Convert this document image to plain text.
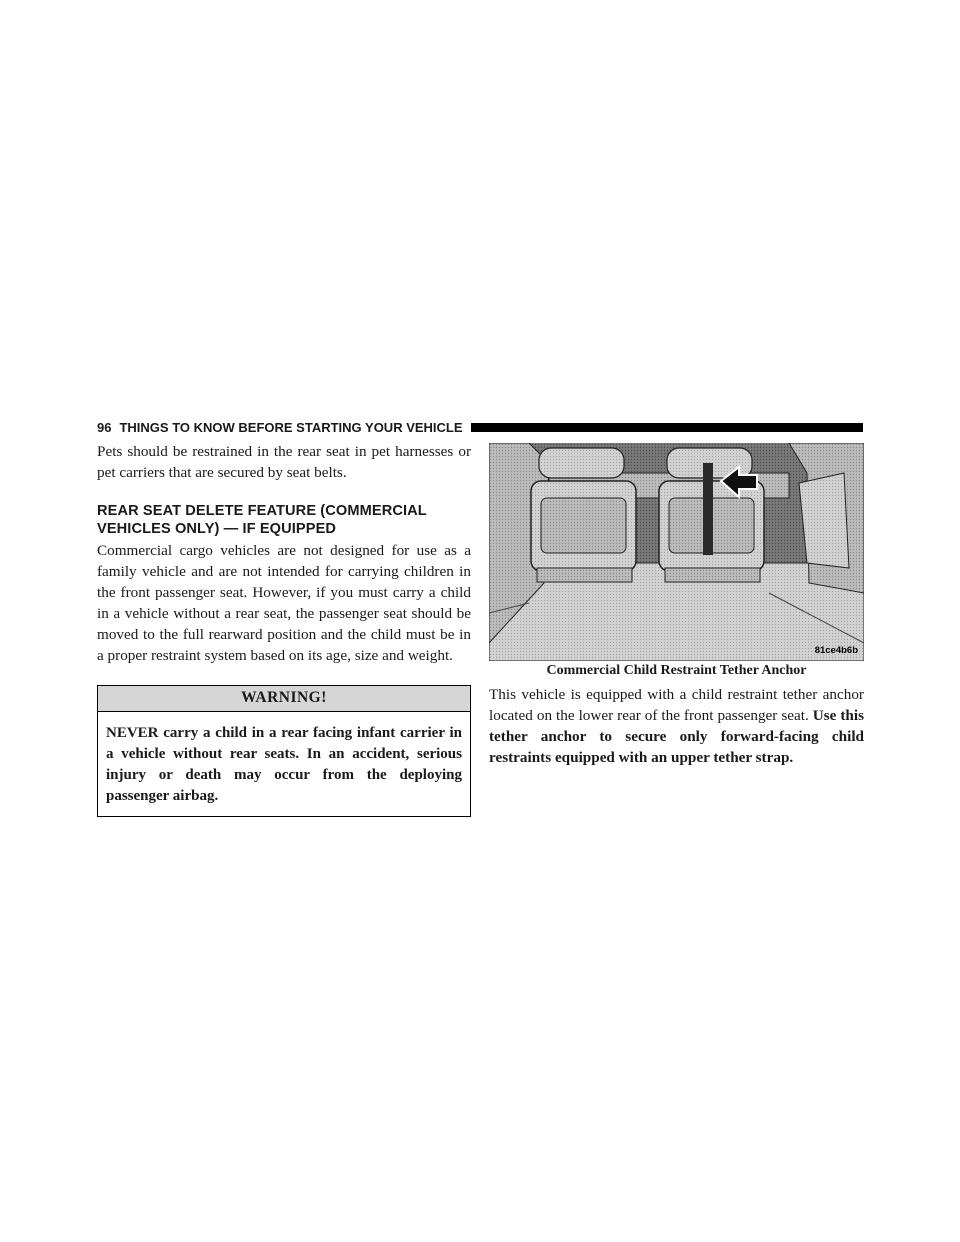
96 THINGS TO KNOW BEFORE STARTING YOUR VEHICLE

Pets should be restrained in the rear seat in pet harnesses or pet carriers that are secured by seat belts.

REAR SEAT DELETE FEATURE (COMMERCIAL VEHICLES ONLY) — IF EQUIPPED

Commercial cargo vehicles are not designed for use as a family vehicle and are not intended for carrying children in the front passenger seat. However, if you must carry a child in a vehicle without a rear seat, the passenger seat should be moved to the full rearward position and the child must be in a proper restraint system based on its age, size and weight.

WARNING!
NEVER carry a child in a rear facing infant carrier in a vehicle without rear seats. In an accident, serious injury or death may occur from the deploying passenger airbag.
81ce4b6b
Commercial Child Restraint Tether Anchor

This vehicle is equipped with a child restraint tether anchor located on the lower rear of the front passenger seat. Use this tether anchor to secure only forward-facing child restraints equipped with an upper tether strap.
